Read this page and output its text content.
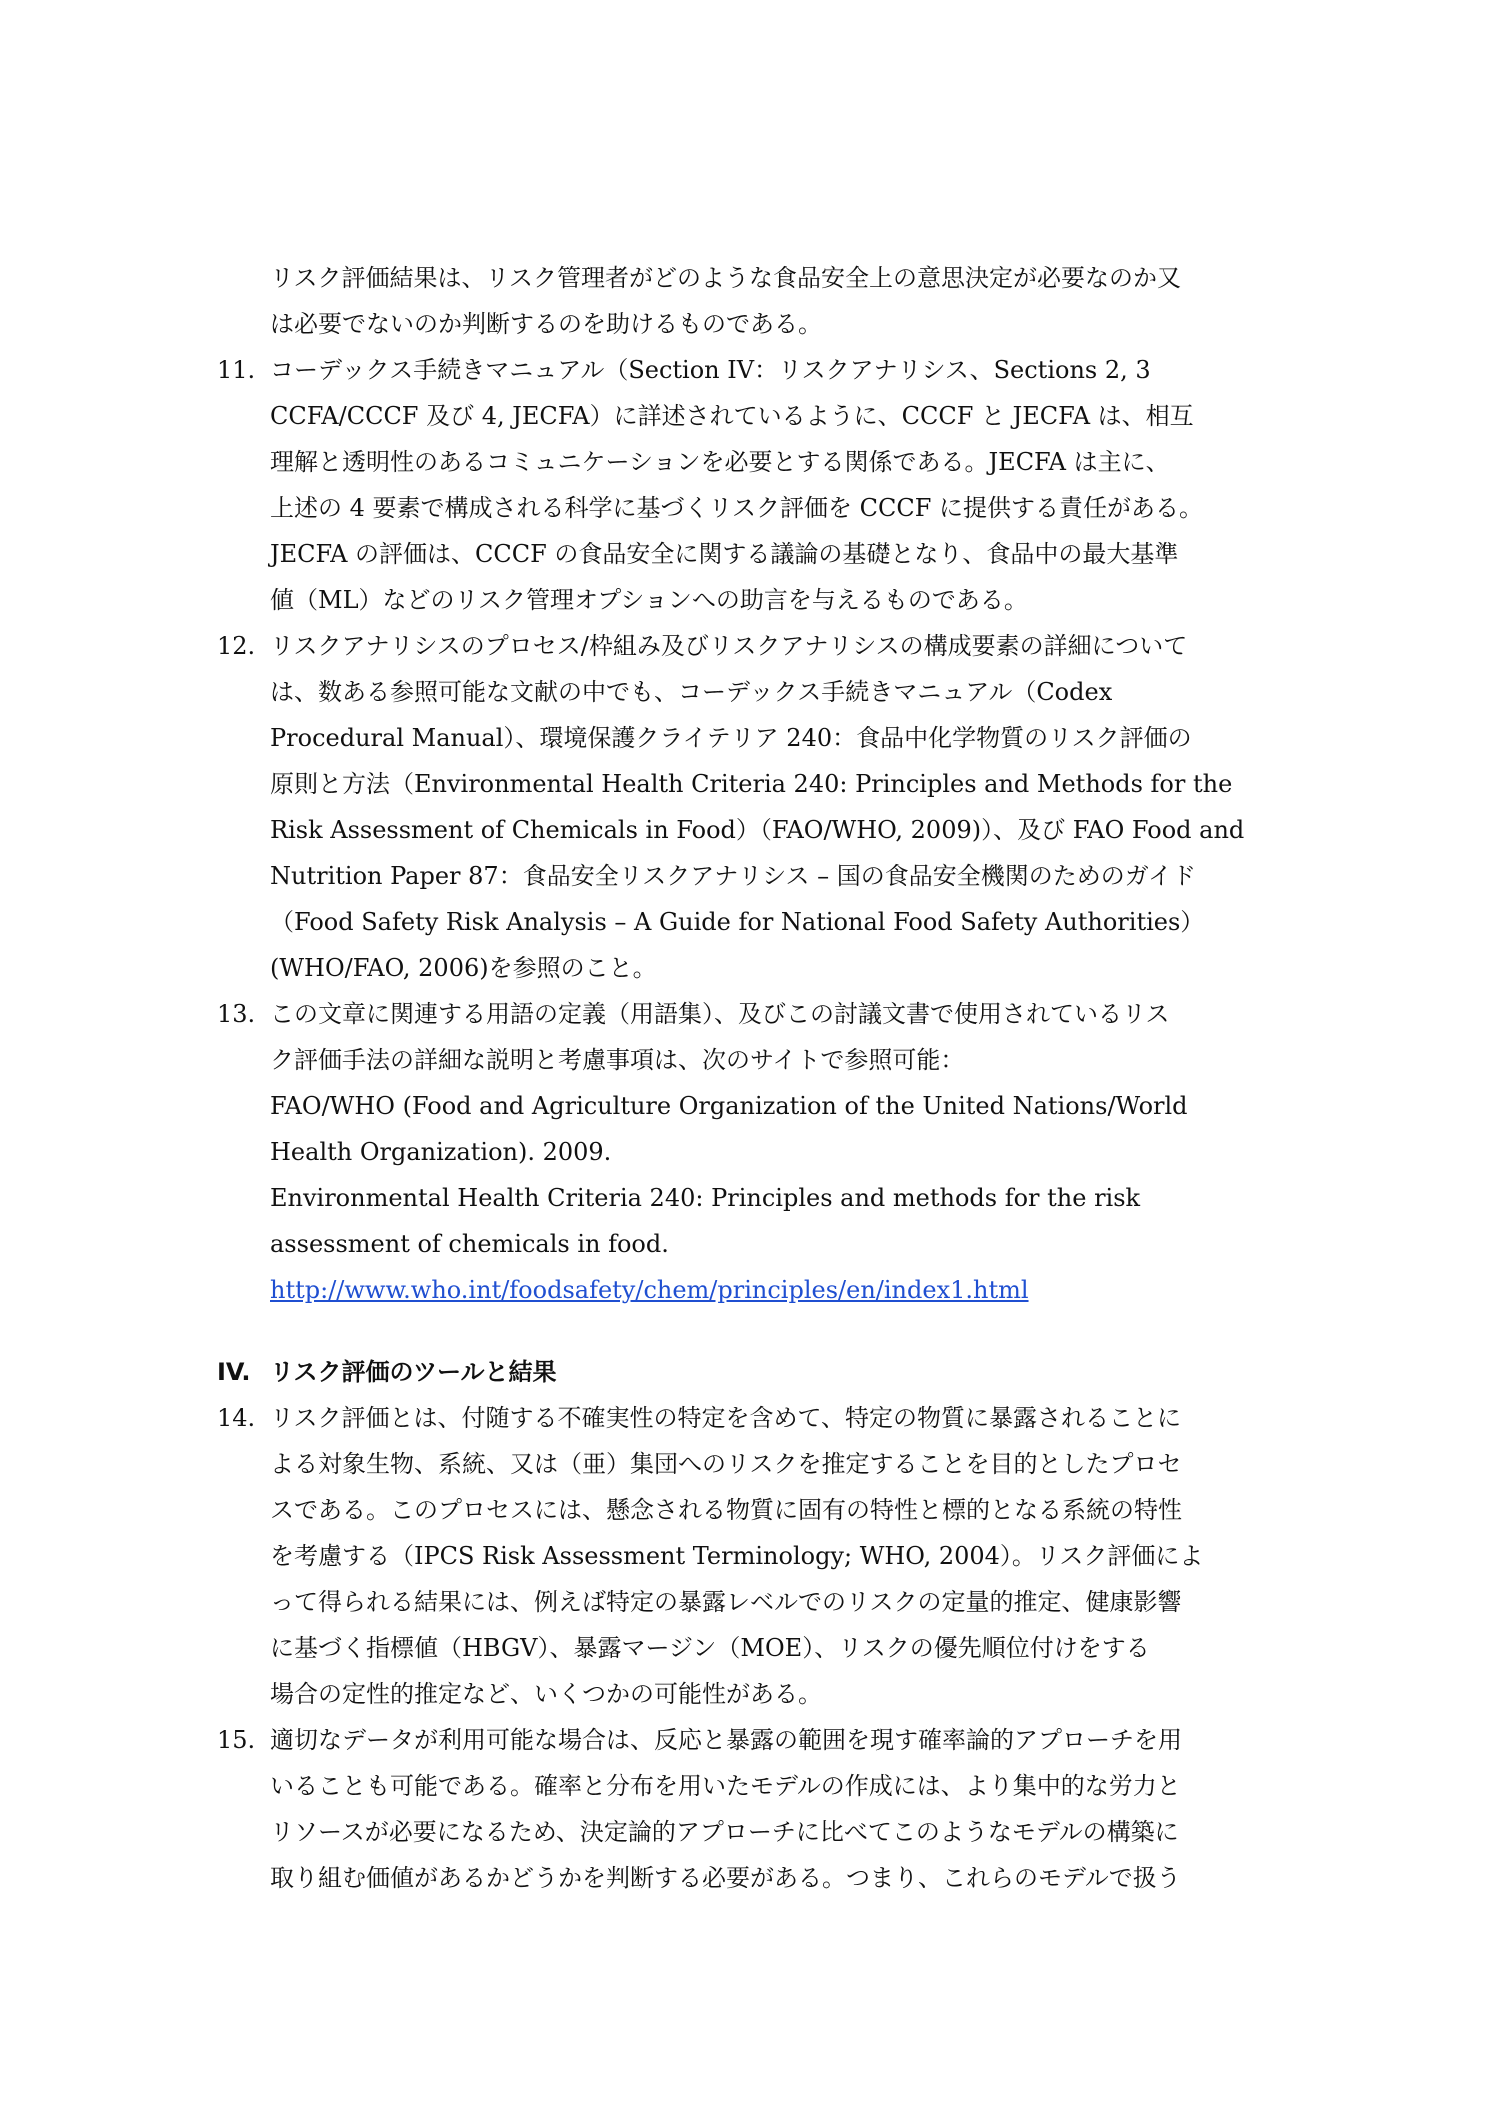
リスク評価結果は、リスク管理者がどのような食品安全上の意思決定が必要なのか又
は必要でないのか判断するのを助けるものである。
11. コーデックス手続きマニュアル（Section IV：リスクアナリシス、Sections 2, 3
CCFA/CCCF 及び 4, JECFA）に詳述されているように、CCCF と JECFA は、相互
理解と透明性のあるコミュニケーションを必要とする関係である。JECFA は主に、
上述の 4 要素で構成される科学に基づくリスク評価を CCCF に提供する責任がある。
JECFA の評価は、CCCF の食品安全に関する議論の基礎となり、食品中の最大基準
値（ML）などのリスク管理オプションへの助言を与えるものである。
12. リスクアナリシスのプロセス/枠組み及びリスクアナリシスの構成要素の詳細について
は、数ある参照可能な文献の中でも、コーデックス手続きマニュアル（Codex
Procedural Manual）、環境保護クライテリア 240：食品中化学物質のリスク評価の
原則と方法（Environmental Health Criteria 240: Principles and Methods for the
Risk Assessment of Chemicals in Food）（FAO/WHO, 2009)）、及び FAO Food and
Nutrition Paper 87：食品安全リスクアナリシス – 国の食品安全機関のためのガイド
（Food Safety Risk Analysis – A Guide for National Food Safety Authorities）
(WHO/FAO, 2006)を参照のこと。
13. この文章に関連する用語の定義（用語集）、及びこの討議文書で使用されているリス
ク評価手法の詳細な説明と考慮事項は、次のサイトで参照可能：
FAO/WHO (Food and Agriculture Organization of the United Nations/World
Health Organization). 2009.
Environmental Health Criteria 240: Principles and methods for the risk
assessment of chemicals in food.
http://www.who.int/foodsafety/chem/principles/en/index1.html
IV. リスク評価のツールと結果
14. リスク評価とは、付随する不確実性の特定を含めて、特定の物質に暴露されることに
よる対象生物、系統、又は（亜）集団へのリスクを推定することを目的としたプロセ
スである。このプロセスには、懸念される物質に固有の特性と標的となる系統の特性
を考慮する（IPCS Risk Assessment Terminology; WHO, 2004）。リスク評価によ
って得られる結果には、例えば特定の暴露レベルでのリスクの定量的推定、健康影響
に基づく指標値（HBGV）、暴露マージン（MOE）、リスクの優先順位付けをする
場合の定性的推定など、いくつかの可能性がある。
15. 適切なデータが利用可能な場合は、反応と暴露の範囲を現す確率論的アプローチを用
いることも可能である。確率と分布を用いたモデルの作成には、より集中的な労力と
リソースが必要になるため、決定論的アプローチに比べてこのようなモデルの構築に
取り組む価値があるかどうかを判断する必要がある。つまり、これらのモデルで扱う
